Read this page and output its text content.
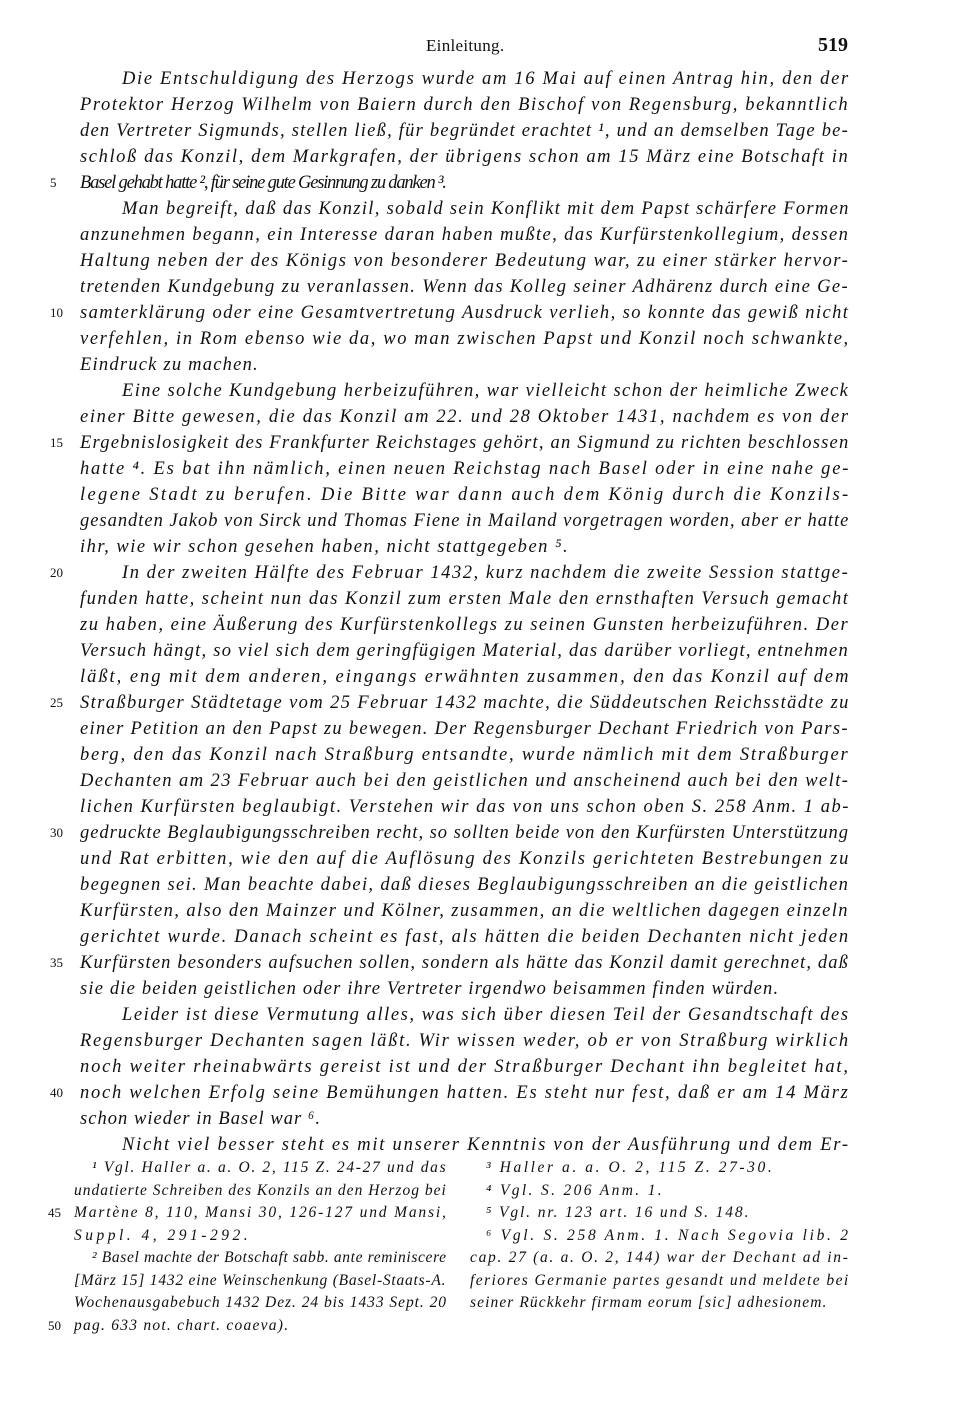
Einleitung.	519
Die Entschuldigung des Herzogs wurde am 16 Mai auf einen Antrag hin, den der
Protektor Herzog Wilhelm von Baiern durch den Bischof von Regensburg, bekanntlich
den Vertreter Sigmunds, stellen ließ, für begründet erachtet ¹, und an demselben Tage be-
schloß das Konzil, dem Markgrafen, der übrigens schon am 15 März eine Botschaft in
Basel gehabt hatte ², für seine gute Gesinnung zu danken ³.
Man begreift, daß das Konzil, sobald sein Konflikt mit dem Papst schärfere Formen
anzunehmen begann, ein Interesse daran haben mußte, das Kurfürstenkollegium, dessen
Haltung neben der des Königs von besonderer Bedeutung war, zu einer stärker hervor-
tretenden Kundgebung zu veranlassen. Wenn das Kolleg seiner Adhärenz durch eine Ge-
samterklärung oder eine Gesamtvertretung Ausdruck verlieh, so konnte das gewiß nicht
verfehlen, in Rom ebenso wie da, wo man zwischen Papst und Konzil noch schwankte,
Eindruck zu machen.
Eine solche Kundgebung herbeizuführen, war vielleicht schon der heimliche Zweck
einer Bitte gewesen, die das Konzil am 22. und 28 Oktober 1431, nachdem es von der
Ergebnislosigkeit des Frankfurter Reichstages gehört, an Sigmund zu richten beschlossen
hatte ⁴. Es bat ihn nämlich, einen neuen Reichstag nach Basel oder in eine nahe ge-
legene Stadt zu berufen. Die Bitte war dann auch dem König durch die Konzils-
gesandten Jakob von Sirck und Thomas Fiene in Mailand vorgetragen worden, aber er hatte
ihr, wie wir schon gesehen haben, nicht stattgegeben ⁵.
In der zweiten Hälfte des Februar 1432, kurz nachdem die zweite Session stattge-
funden hatte, scheint nun das Konzil zum ersten Male den ernsthaften Versuch gemacht
zu haben, eine Äußerung des Kurfürstenkollegs zu seinen Gunsten herbeizuführen. Der
Versuch hängt, so viel sich dem geringfügigen Material, das darüber vorliegt, entnehmen
läßt, eng mit dem anderen, eingangs erwähnten zusammen, den das Konzil auf dem
Straßburger Städtetage vom 25 Februar 1432 machte, die Süddeutschen Reichsstädte zu
einer Petition an den Papst zu bewegen. Der Regensburger Dechant Friedrich von Pars-
berg, den das Konzil nach Straßburg entsandte, wurde nämlich mit dem Straßburger
Dechanten am 23 Februar auch bei den geistlichen und anscheinend auch bei den welt-
lichen Kurfürsten beglaubigt. Verstehen wir das von uns schon oben S. 258 Anm. 1 ab-
gedruckte Beglaubigungsschreiben recht, so sollten beide von den Kurfürsten Unterstützung
und Rat erbitten, wie den auf die Auflösung des Konzils gerichteten Bestrebungen zu
begegnen sei. Man beachte dabei, daß dieses Beglaubigungsschreiben an die geistlichen
Kurfürsten, also den Mainzer und Kölner, zusammen, an die weltlichen dagegen einzeln
gerichtet wurde. Danach scheint es fast, als hätten die beiden Dechanten nicht jeden
Kurfürsten besonders aufsuchen sollen, sondern als hätte das Konzil damit gerechnet, daß
sie die beiden geistlichen oder ihre Vertreter irgendwo beisammen finden würden.
Leider ist diese Vermutung alles, was sich über diesen Teil der Gesandtschaft des
Regensburger Dechanten sagen läßt. Wir wissen weder, ob er von Straßburg wirklich
noch weiter rheinabwärts gereist ist und der Straßburger Dechant ihn begleitet hat,
noch welchen Erfolg seine Bemühungen hatten. Es steht nur fest, daß er am 14 März
schon wieder in Basel war ⁶.
Nicht viel besser steht es mit unserer Kenntnis von der Ausführung und dem Er-
5
10
15
20
25
30
35
40
¹ Vgl. Haller a. a. O. 2, 115 Z. 24-27 und das
undatierte Schreiben des Konzils an den Herzog bei
Martène 8, 110, Mansi 30, 126-127 und Mansi,
Suppl. 4, 291-292.
² Basel machte der Botschaft sabb. ante reminiscere
[März 15] 1432 eine Weinschenkung (Basel-Staats-A.
Wochenausgabebuch 1432 Dez. 24 bis 1433 Sept. 20
pag. 633 not. chart. coaeva).
³ Haller a. a. O. 2, 115 Z. 27-30.
⁴ Vgl. S. 206 Anm. 1.
⁵ Vgl. nr. 123 art. 16 und S. 148.
⁶ Vgl. S. 258 Anm. 1. Nach Segovia lib. 2
cap. 27 (a. a. O. 2, 144) war der Dechant ad in-
feriores Germanie partes gesandt und meldete bei
seiner Rückkehr firmam eorum [sic] adhesionem.
45
50
